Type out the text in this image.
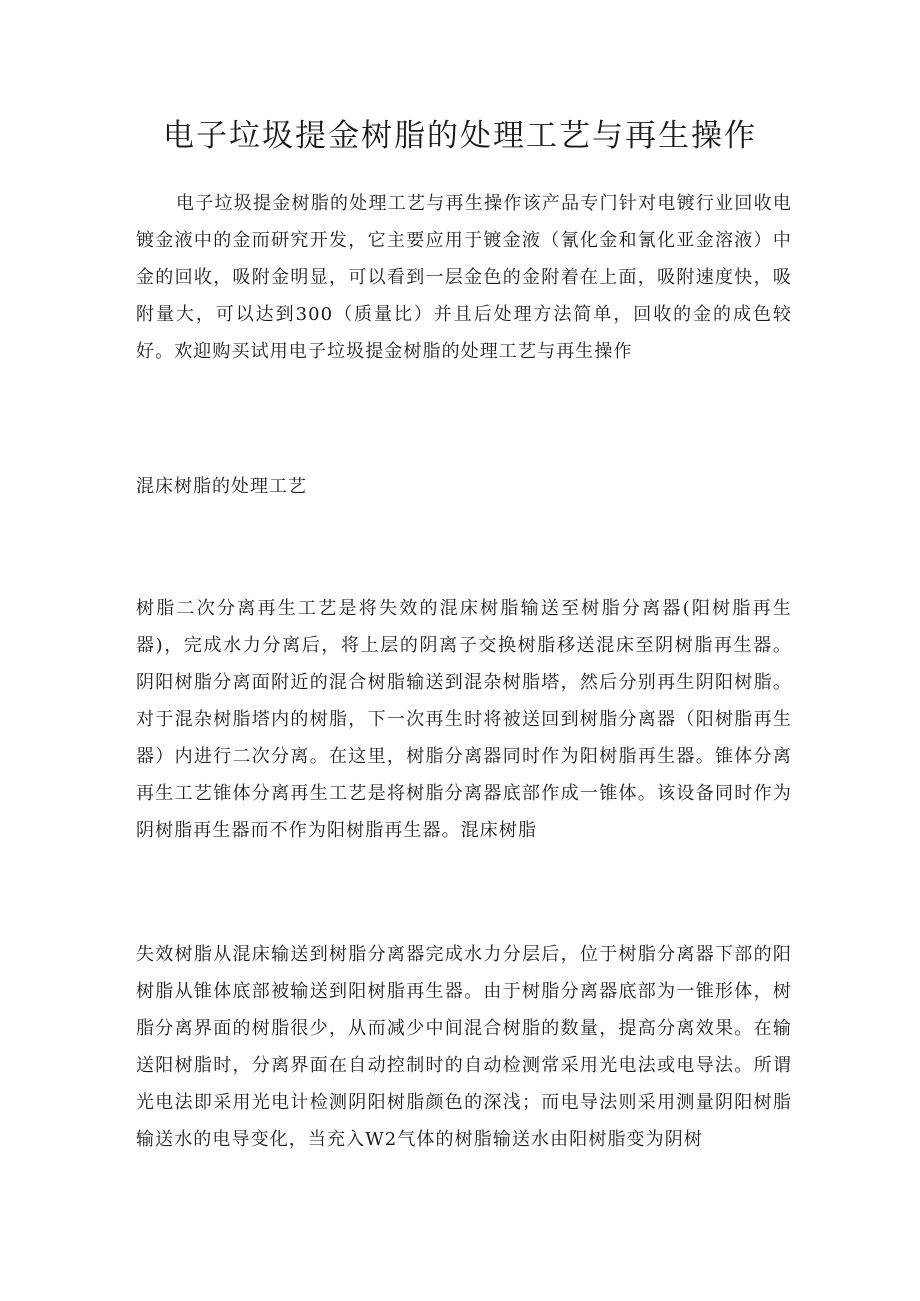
电子垃圾提金树脂的处理工艺与再生操作

电子垃圾提金树脂的处理工艺与再生操作该产品专门针对电镀行业回收电镀金液中的金而研究开发，它主要应用于镀金液（氰化金和氰化亚金溶液）中金的回收，吸附金明显，可以看到一层金色的金附着在上面，吸附速度快，吸附量大，可以达到300（质量比）并且后处理方法简单，回收的金的成色较好。欢迎购买试用电子垃圾提金树脂的处理工艺与再生操作

混床树脂的处理工艺

树脂二次分离再生工艺是将失效的混床树脂输送至树脂分离器(阳树脂再生器)，完成水力分离后，将上层的阴离子交换树脂移送混床至阴树脂再生器。阴阳树脂分离面附近的混合树脂输送到混杂树脂塔，然后分别再生阴阳树脂。对于混杂树脂塔内的树脂，下一次再生时将被送回到树脂分离器（阳树脂再生器）内进行二次分离。在这里，树脂分离器同时作为阳树脂再生器。锥体分离再生工艺锥体分离再生工艺是将树脂分离器底部作成一锥体。该设备同时作为阴树脂再生器而不作为阳树脂再生器。混床树脂

失效树脂从混床输送到树脂分离器完成水力分层后，位于树脂分离器下部的阳树脂从锥体底部被输送到阳树脂再生器。由于树脂分离器底部为一锥形体，树脂分离界面的树脂很少，从而减少中间混合树脂的数量，提高分离效果。在输送阳树脂时，分离界面在自动控制时的自动检测常采用光电法或电导法。所谓光电法即采用光电计检测阴阳树脂颜色的深浅；而电导法则采用测量阴阳树脂输送水的电导变化，当充入W2气体的树脂输送水由阳树脂变为阴树
